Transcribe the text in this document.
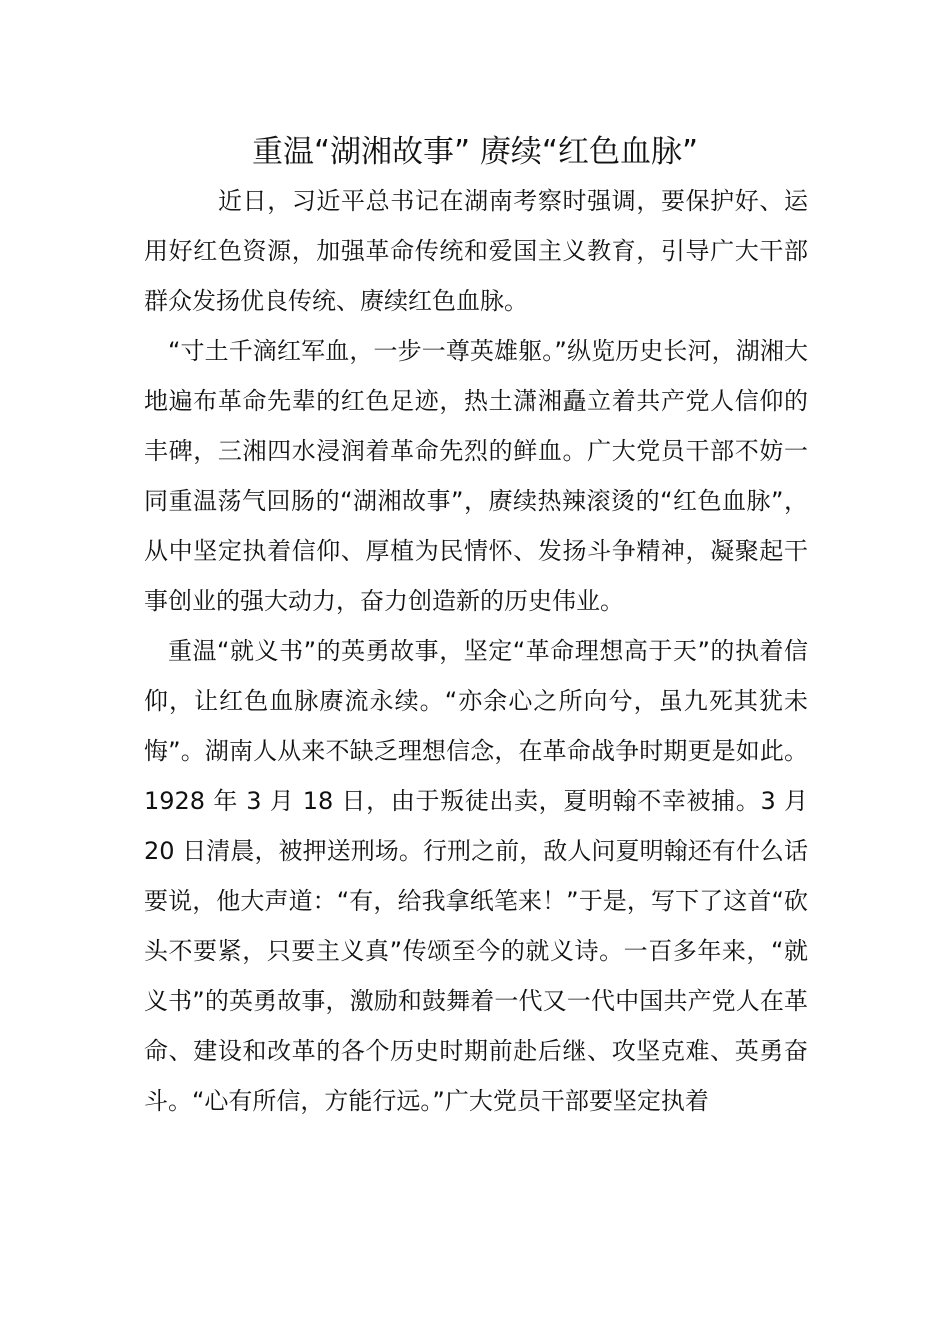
重温“湖湘故事” 赓续“红色血脉”

近日，习近平总书记在湖南考察时强调，要保护好、运用好红色资源，加强革命传统和爱国主义教育，引导广大干部群众发扬优良传统、赓续红色血脉。

“寸土千滴红军血，一步一尊英雄躯。”纵览历史长河，湖湘大地遍布革命先辈的红色足迹，热土潇湘矗立着共产党人信仰的丰碑，三湘四水浸润着革命先烈的鲜血。广大党员干部不妨一同重温荡气回肠的“湖湘故事”，赓续热辣滚烫的“红色血脉”，从中坚定执着信仰、厚植为民情怀、发扬斗争精神，凝聚起干事创业的强大动力，奋力创造新的历史伟业。

重温“就义书”的英勇故事，坚定“革命理想高于天”的执着信仰，让红色血脉赓流永续。“亦余心之所向兮，虽九死其犹未悔”。湖南人从来不缺乏理想信念，在革命战争时期更是如此。1928 年 3 月 18 日，由于叛徒出卖，夏明翰不幸被捕。3 月 20 日清晨，被押送刑场。行刑之前，敌人问夏明翰还有什么话要说，他大声道：“有，给我拿纸笔来！”于是，写下了这首“砍头不要紧，只要主义真”传颂至今的就义诗。一百多年来，“就义书”的英勇故事，激励和鼓舞着一代又一代中国共产党人在革命、建设和改革的各个历史时期前赴后继、攻坚克难、英勇奋斗。“心有所信，方能行远。”广大党员干部要坚定执着
